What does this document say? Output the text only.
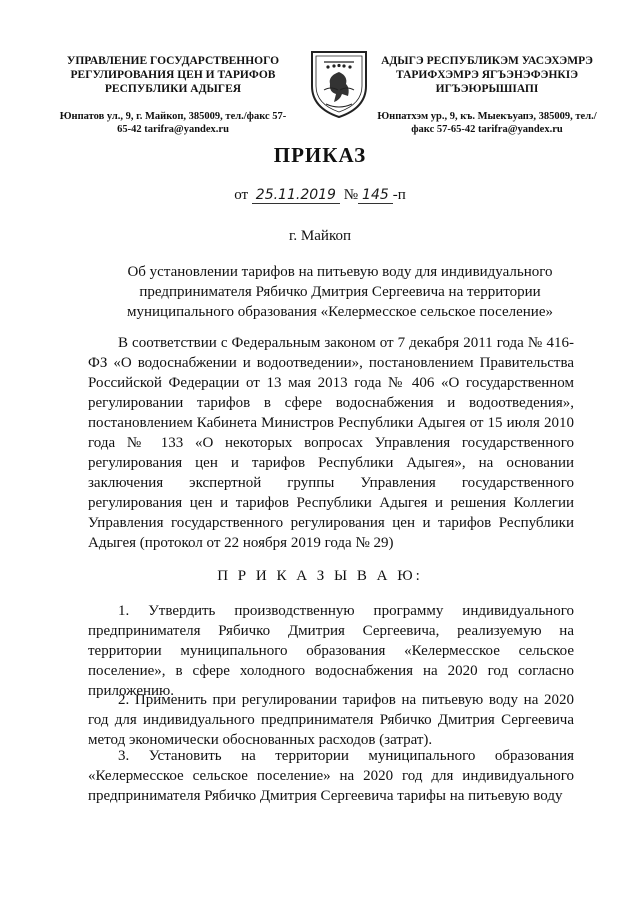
УПРАВЛЕНИЕ ГОСУДАРСТВЕННОГО РЕГУЛИРОВАНИЯ ЦЕН И ТАРИФОВ РЕСПУБЛИКИ АДЫГЕЯ
Юнпатов ул., 9, г. Майкоп, 385009, тел./факс 57-65-42 tarifra@yandex.ru
АДЫГЭ РЕСПУБЛИКЭМ УАСЭХЭМРЭ ТАРИФХЭМРЭ ЯГЪЭНЭФЭНКIЭ ИГЪЭЮРЫШIАПI
Юнпатхэм ур., 9, къ. Мыекъуапэ, 385009, тел./факс 57-65-42 tarifra@yandex.ru
ПРИКАЗ
от 25.11.2019 № 145 -п
г. Майкоп
Об установлении тарифов на питьевую воду для индивидуального предпринимателя Рябичко Дмитрия Сергеевича на территории муниципального образования «Келермесское сельское поселение»

В соответствии с Федеральным законом от 7 декабря 2011 года № 416-ФЗ «О водоснабжении и водоотведении», постановлением Правительства Российской Федерации от 13 мая 2013 года № 406 «О государственном регулировании тарифов в сфере водоснабжения и водоотведения», постановлением Кабинета Министров Республики Адыгея от 15 июля 2010 года № 133 «О некоторых вопросах Управления государственного регулирования цен и тарифов Республики Адыгея», на основании заключения экспертной группы Управления государственного регулирования цен и тарифов Республики Адыгея и решения Коллегии Управления государственного регулирования цен и тарифов Республики Адыгея (протокол от 22 ноября 2019 года № 29)

П Р И К А З Ы В А Ю:

1. Утвердить производственную программу индивидуального предпринимателя Рябичко Дмитрия Сергеевича, реализуемую на территории муниципального образования «Келермесское сельское поселение», в сфере холодного водоснабжения на 2020 год согласно приложению.

2. Применить при регулировании тарифов на питьевую воду на 2020 год для индивидуального предпринимателя Рябичко Дмитрия Сергеевича метод экономически обоснованных расходов (затрат).

3. Установить на территории муниципального образования «Келермесское сельское поселение» на 2020 год для индивидуального предпринимателя Рябичко Дмитрия Сергеевича тарифы на питьевую воду
